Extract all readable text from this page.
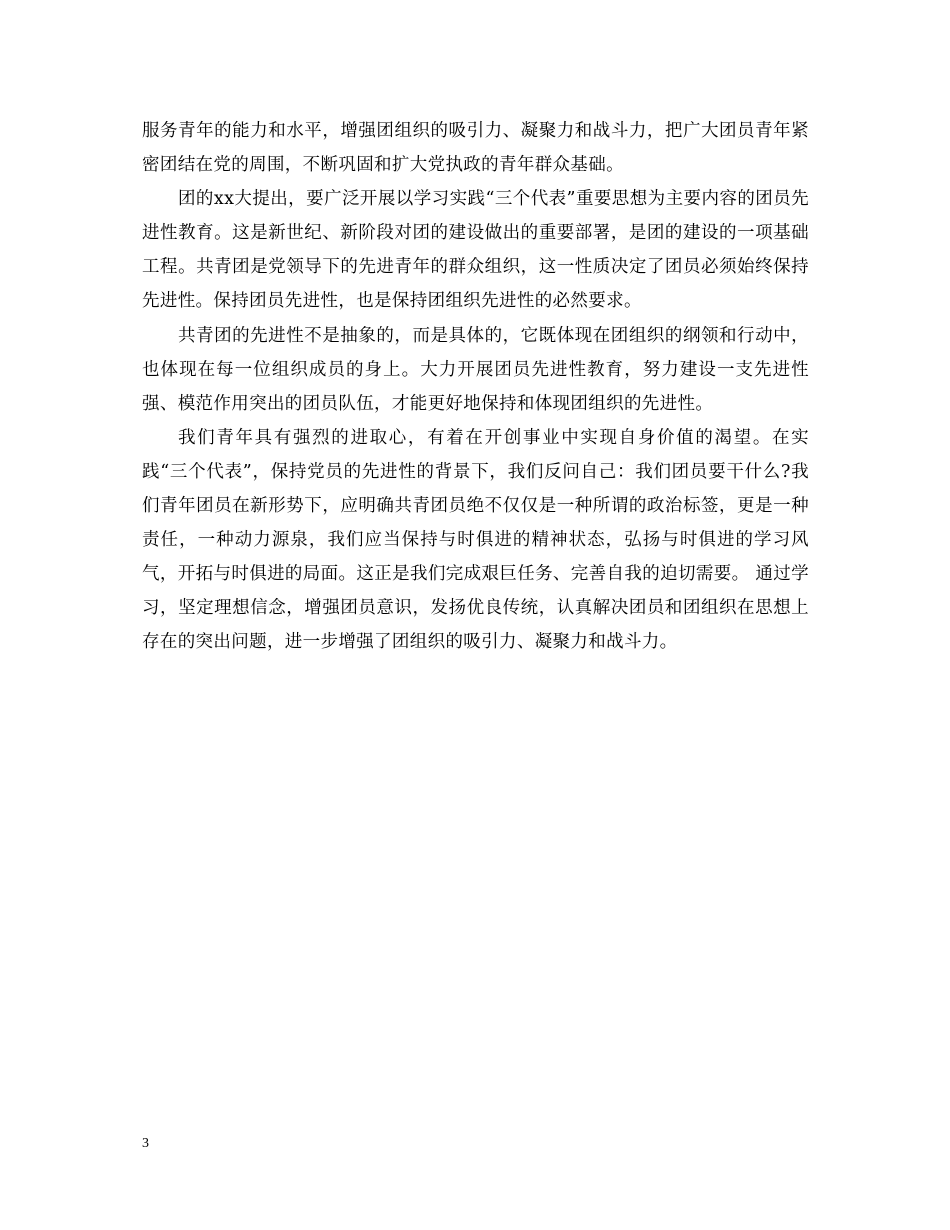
服务青年的能力和水平，增强团组织的吸引力、凝聚力和战斗力，把广大团员青年紧密团结在党的周围，不断巩固和扩大党执政的青年群众基础。

团的xx大提出，要广泛开展以学习实践“三个代表”重要思想为主要内容的团员先进性教育。这是新世纪、新阶段对团的建设做出的重要部署，是团的建设的一项基础工程。共青团是党领导下的先进青年的群众组织，这一性质决定了团员必须始终保持先进性。保持团员先进性，也是保持团组织先进性的必然要求。

共青团的先进性不是抽象的，而是具体的，它既体现在团组织的纲领和行动中，也体现在每一位组织成员的身上。大力开展团员先进性教育，努力建设一支先进性强、模范作用突出的团员队伍，才能更好地保持和体现团组织的先进性。

我们青年具有强烈的进取心，有着在开创事业中实现自身价值的渴望。在实践“三个代表”，保持党员的先进性的背景下，我们反问自己：我们团员要干什么?我们青年团员在新形势下，应明确共青团员绝不仅仅是一种所谓的政治标签，更是一种责任，一种动力源泉，我们应当保持与时俱进的精神状态，弘扬与时俱进的学习风气，开拓与时俱进的局面。这正是我们完成艰巨任务、完善自我的迫切需要。 通过学习，坚定理想信念，增强团员意识，发扬优良传统，认真解决团员和团组织在思想上存在的突出问题，进一步增强了团组织的吸引力、凝聚力和战斗力。

3
